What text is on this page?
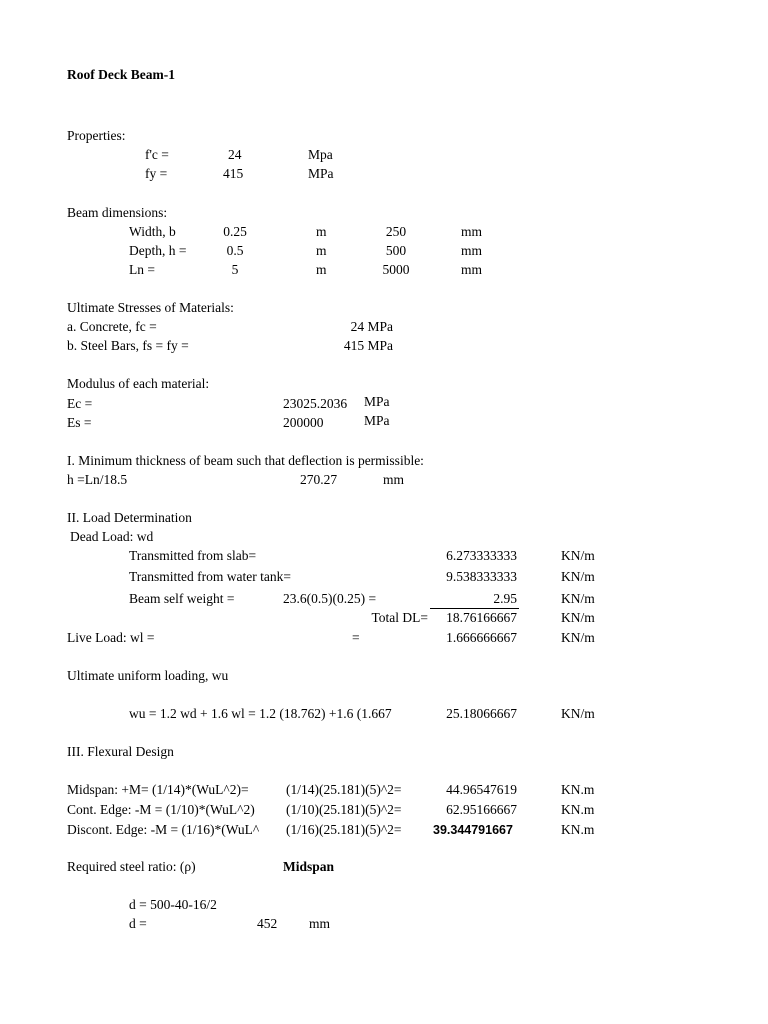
Roof Deck Beam-1
Properties:
f'c =	24	Mpa
fy =	415	MPa
Beam dimensions:
Width, b	0.25	m	250	mm
Depth, h =	0.5	m	500	mm
Ln =	5	m	5000	mm
Ultimate Stresses of Materials:
a. Concrete, fc =	24 MPa
b. Steel Bars, fs = fy =	415 MPa
Modulus of each material:
Ec =	23025.2036 MPa
Es =	200000	MPa
I. Minimum thickness of beam such that deflection is permissible:
h =Ln/18.5	270.27	mm
II. Load Determination
Dead Load: wd
Transmitted from slab=	6.273333333	KN/m
Transmitted from water tank=	9.538333333	KN/m
Beam self weight =	23.6(0.5)(0.25) =	2.95	KN/m
Total DL=	18.76166667	KN/m
Live Load: wl =	=	1.666666667	KN/m
Ultimate uniform loading, wu
wu = 1.2 wd + 1.6 wl = 1.2 (18.762) +1.6 (1.667	25.18066667	KN/m
III. Flexural Design
Midspan: +M= (1/14)*(WuL^2)=	(1/14)(25.181)(5)^2=	44.96547619	KN.m
Cont. Edge: -M = (1/10)*(WuL^2)	(1/10)(25.181)(5)^2=	62.95166667	KN.m
Discont. Edge: -M = (1/16)*(WuL^	(1/16)(25.181)(5)^2=	39.344791667	KN.m
Required steel ratio: (ρ)	Midspan
d = 500-40-16/2
d =	452 mm
